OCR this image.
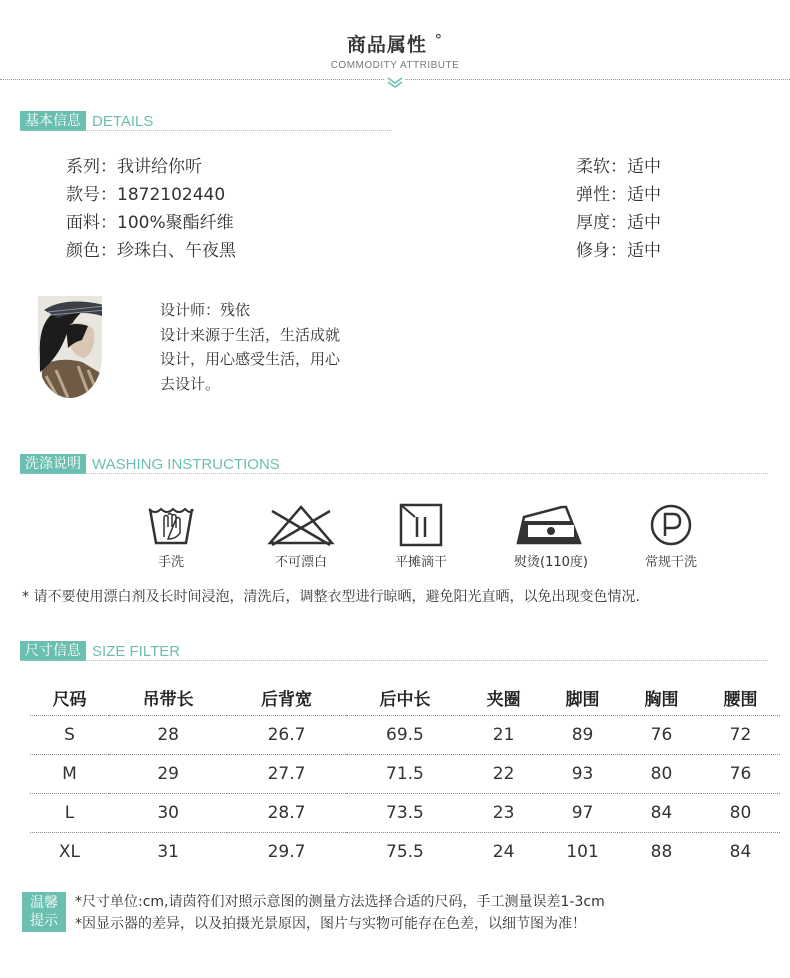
商品属性 °
COMMODITY ATTRIBUTE
基本信息 DETAILS
系列：我讲给你听
款号：1872102440
面料：100%聚酯纤维
颜色：珍珠白、午夜黑
柔软：适中
弹性：适中
厚度：适中
修身：适中
设计师：残依
设计来源于生活，生活成就
设计，用心感受生活，用心
去设计。
洗涤说明 WASHING INSTRUCTIONS
手洗	不可漂白	平摊滴干	熨烫(110度)	常规干洗
* 请不要使用漂白剂及长时间浸泡，清洗后，调整衣型进行晾晒，避免阳光直晒，以免出现变色情况.
尺寸信息 SIZE FILTER
尺码	吊带长	后背宽	后中长	夹圈	脚围	胸围	腰围
S	28	26.7	69.5	21	89	76	72
M	29	27.7	71.5	22	93	80	76
L	30	28.7	73.5	23	97	84	80
XL	31	29.7	75.5	24	101	88	84
温馨
提示
*尺寸单位:cm,请茵符们对照示意图的测量方法选择合适的尺码，手工测量误差1-3cm
*因显示器的差异，以及拍摄光景原因，图片与实物可能存在色差，以细节图为准！
